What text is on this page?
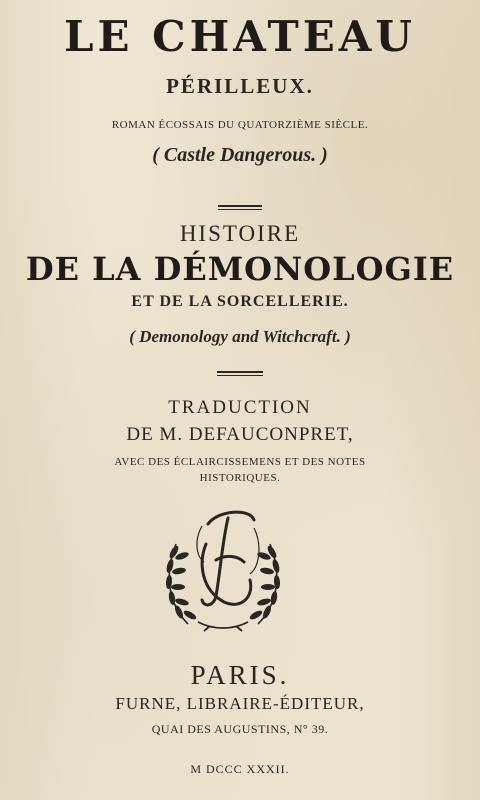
LE CHATEAU
PÉRILLEUX.
ROMAN ÉCOSSAIS DU QUATORZIÈME SIÈCLE.
( Castle Dangerous. )
HISTOIRE
DE LA DÉMONOLOGIE
ET DE LA SORCELLERIE.
( Demonology and Witchcraft. )
TRADUCTION
DE M. DEFAUCONPRET,
AVEC DES ÉCLAIRCISSEMENS ET DES NOTES
HISTORIQUES.
PARIS.
FURNE, LIBRAIRE-ÉDITEUR,
QUAI DES AUGUSTINS, N° 39.
M DCCC XXXII.
